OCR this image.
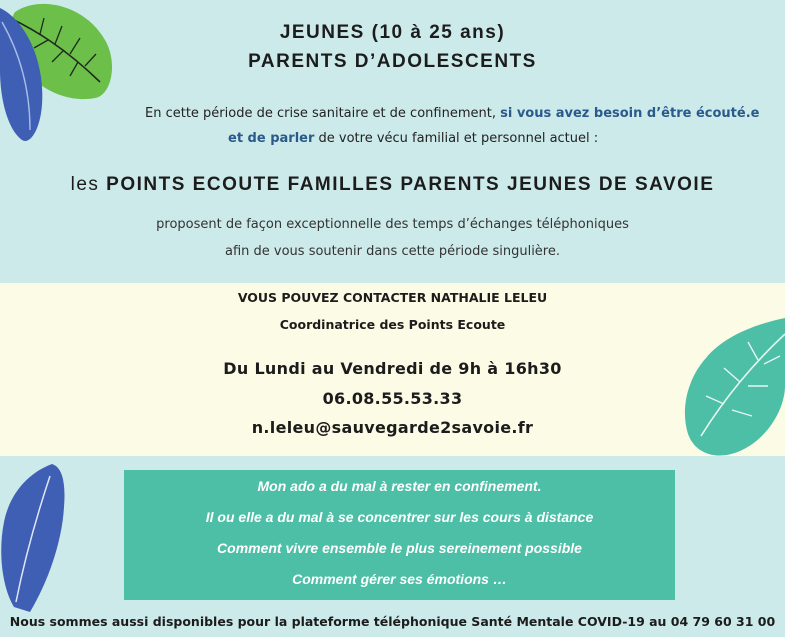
JEUNES (10 à 25 ans)
PARENTS D’ADOLESCENTS
En cette période de crise sanitaire et de confinement, si vous avez besoin d’être écouté.e
et de parler de votre vécu familial et personnel actuel :
les POINTS ECOUTE FAMILLES PARENTS JEUNES DE SAVOIE
proposent de façon exceptionnelle des temps d’échanges téléphoniques
afin de vous soutenir dans cette période singulière.
VOUS POUVEZ CONTACTER NATHALIE LELEU
Coordinatrice des Points Ecoute
Du Lundi au Vendredi de 9h à 16h30
06.08.55.53.33
n.leleu@sauvegarde2savoie.fr
Mon ado a du mal à rester en confinement.
Il ou elle a du mal à se concentrer sur les cours à distance
Comment vivre ensemble le plus sereinement possible
Comment gérer ses émotions …
Nous sommes aussi disponibles pour la plateforme téléphonique Santé Mentale COVID-19 au 04 79 60 31 00
